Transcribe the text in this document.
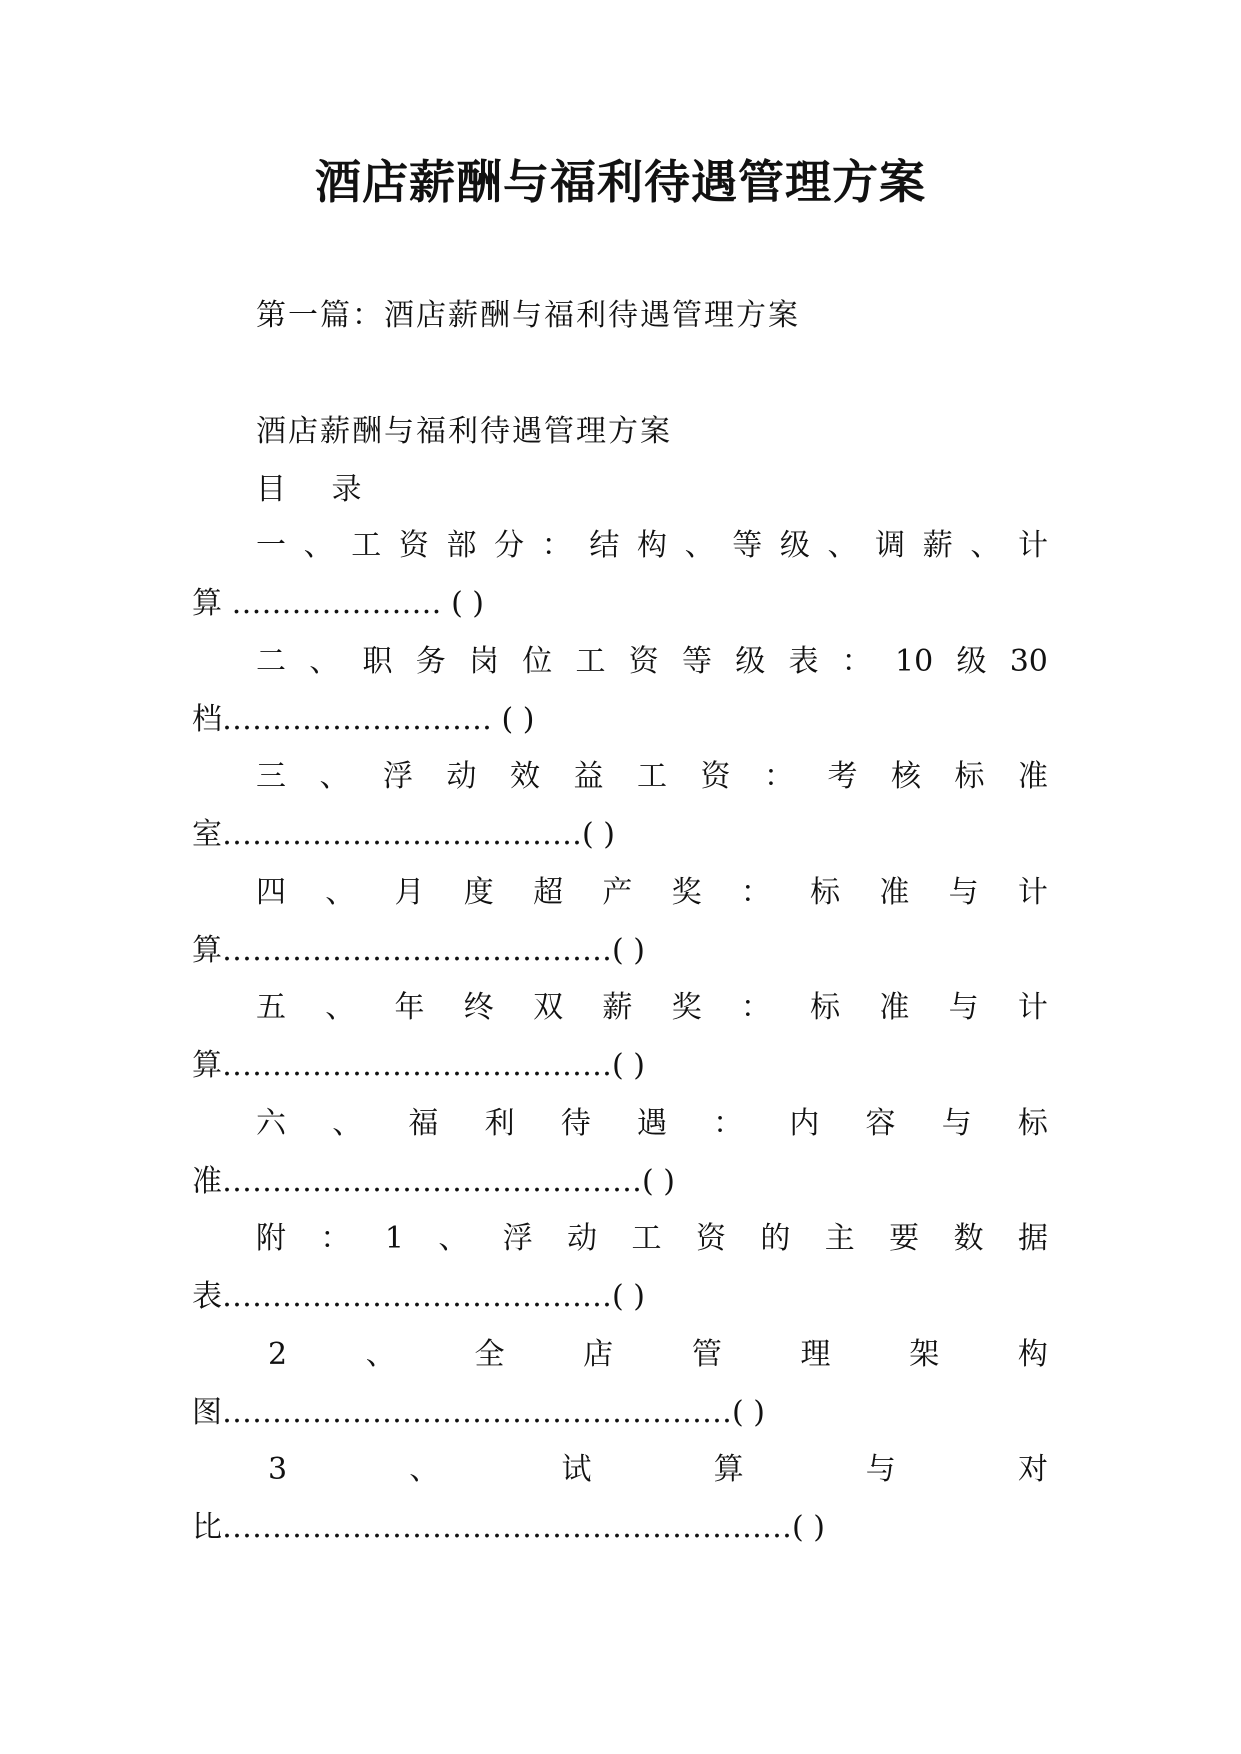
酒店薪酬与福利待遇管理方案
第一篇：酒店薪酬与福利待遇管理方案
酒店薪酬与福利待遇管理方案
目 录
一 、 工 资 部 分 ： 结 构 、 等 级 、 调 薪 、 计
算 ………………… ( )
二 、 职 务 岗 位 工 资 等 级 表 ： 10 级 30
档……………………… ( )
三 、 浮 动 效 益 工 资 ： 考 核 标 准
室………………………………( )
四 、 月 度 超 产 奖 ： 标 准 与 计
算…………………………………( )
五 、 年 终 双 薪 奖 ： 标 准 与 计
算…………………………………( )
六 、 福 利 待 遇 ： 内 容 与 标
准……………………………………( )
附 ： 1 、 浮 动 工 资 的 主 要 数 据
表…………………………………( )
2	、	全	店	管	理	架	构
图……………………………………………( )
3	、	试	算	与	对
比…………………………………………………( )
